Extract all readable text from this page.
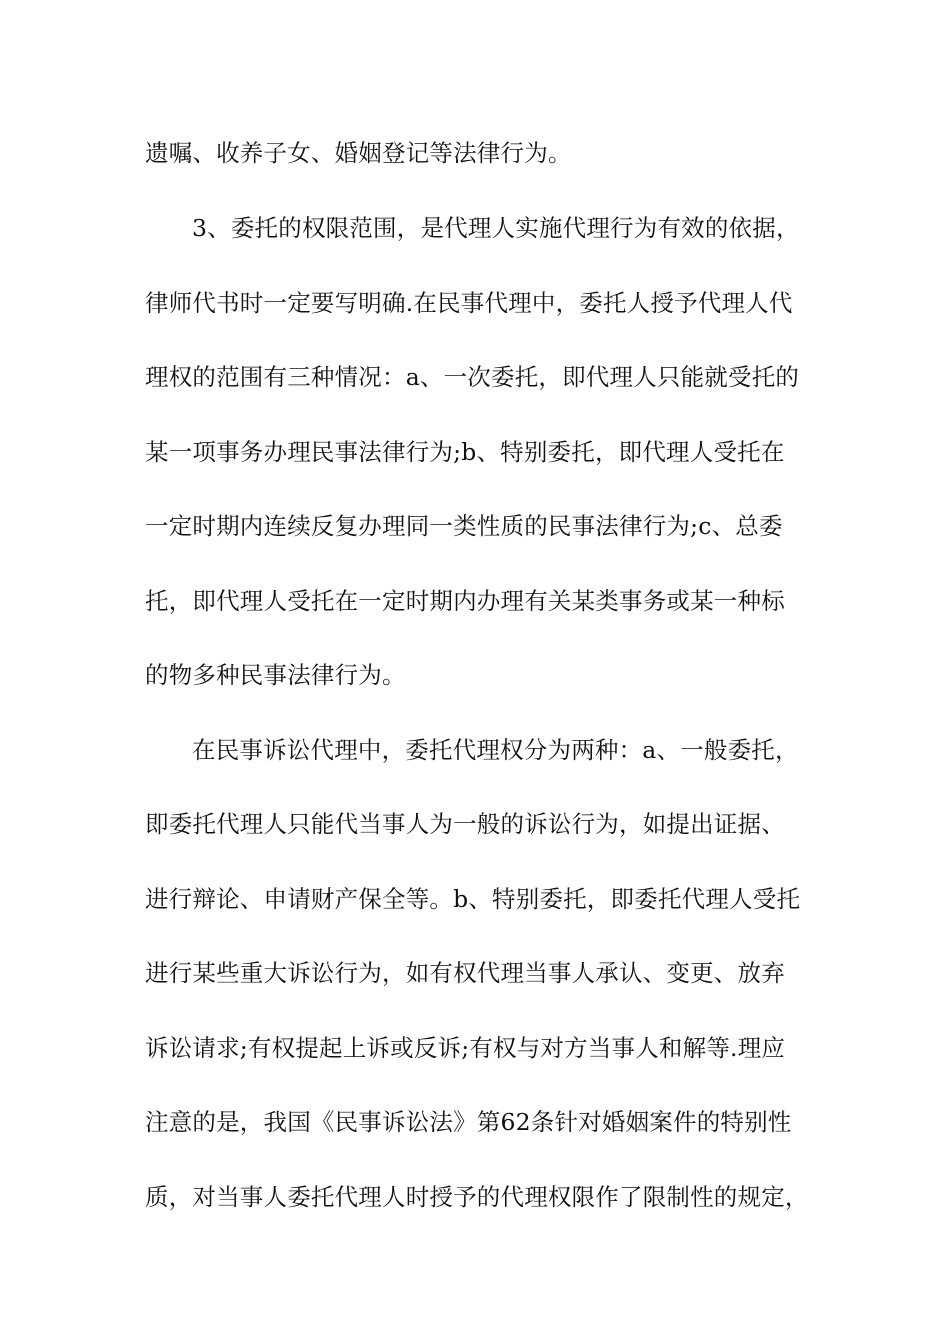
遗嘱、收养子女、婚姻登记等法律行为。
3、委托的权限范围，是代理人实施代理行为有效的依据，
律师代书时一定要写明确.在民事代理中，委托人授予代理人代
理权的范围有三种情况：a、一次委托，即代理人只能就受托的
某一项事务办理民事法律行为;b、特别委托，即代理人受托在
一定时期内连续反复办理同一类性质的民事法律行为;c、总委
托，即代理人受托在一定时期内办理有关某类事务或某一种标
的物多种民事法律行为。
在民事诉讼代理中，委托代理权分为两种：a、一般委托，
即委托代理人只能代当事人为一般的诉讼行为，如提出证据、
进行辩论、申请财产保全等。b、特别委托，即委托代理人受托
进行某些重大诉讼行为，如有权代理当事人承认、变更、放弃
诉讼请求;有权提起上诉或反诉;有权与对方当事人和解等.理应
注意的是，我国《民事诉讼法》第62条针对婚姻案件的特别性
质，对当事人委托代理人时授予的代理权限作了限制性的规定，
